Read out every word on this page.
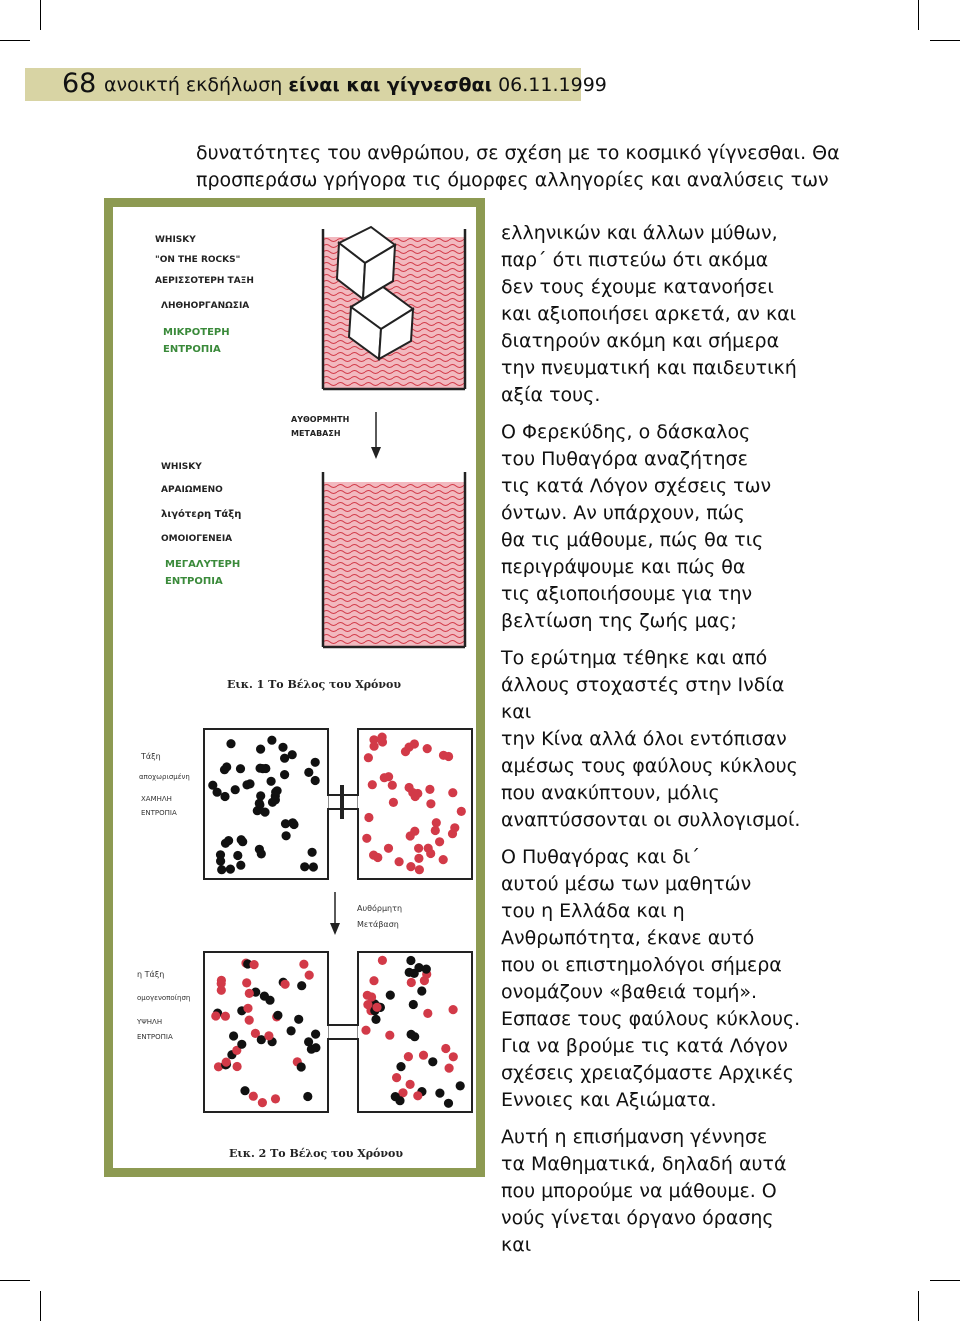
68 ανοικτή εκδήλωση είναι και γίγνεσθαι 06.11.1999
δυνατότητες του ανθρώπου, σε σχέση με το κοσμικό γίγνεσθαι. Θα
προσπεράσω γρήγορα τις όμορφες αλληγορίες και αναλύσεις των
WHISKY
"ON THE ROCKS"
ΑΕΡΙΣΣΟΤΕΡΗ ΤΑΞΗ
ΛΗΘΗΟΡΓΑΝΩΣΙΑ
ΜΙΚΡΟΤΕΡΗ
ΕΝΤΡΟΠΙΑ
ΑΥΘΟΡΜΗΤΗ
ΜΕΤΑΒΑΣΗ
WHISKY
ΑΡΑΙΩΜΕΝΟ
λιγότερη Τάξη
ΟΜΟΙΟΓΕΝΕΙΑ
ΜΕΓΑΛΥΤΕΡΗ
ΕΝΤΡΟΠΙΑ
Εικ. 1 Το Βέλος του Χρόνου
Τάξη
αποχωρισμένη
ΧΑΜΗΛΗ
ΕΝΤΡΟΠΙΑ
Αυθόρμητη
Μετάβαση
η Τάξη
ομογενοποίηση
ΥΨΗΛΗ
ΕΝΤΡΟΠΙΑ
Εικ. 2 Το Βέλος του Χρόνου

ελληνικών και άλλων μύθων,
παρ΄ ότι πιστεύω ότι ακόμα
δεν τους έχουμε κατανοήσει
και αξιοποιήσει αρκετά, αν και
διατηρούν ακόμη και σήμερα
την πνευματική και παιδευτική
αξία τους.

Ο Φερεκύδης, ο δάσκαλος
του Πυθαγόρα αναζήτησε
τις κατά Λόγον σχέσεις των
όντων. Αν υπάρχουν, πώς
θα τις μάθουμε, πώς θα τις
περιγράψουμε και πώς θα
τις αξιοποιήσουμε για την
βελτίωση της ζωής μας;

Το ερώτημα τέθηκε και από
άλλους στοχαστές στην Ινδία και
την Κίνα αλλά όλοι εντόπισαν
αμέσως τους φαύλους κύκλους
που ανακύπτουν, μόλις
αναπτύσσονται οι συλλογισμοί.

Ο Πυθαγόρας και δι΄
αυτού μέσω των μαθητών
του η Ελλάδα και η
Ανθρωπότητα, έκανε αυτό
που οι επιστημολόγοι σήμερα
ονομάζουν «βαθειά τομή».
Εσπασε τους φαύλους κύκλους.
Για να βρούμε τις κατά Λόγον
σχέσεις χρειαζόμαστε Αρχικές
Εννοιες και Αξιώματα.

Αυτή η επισήμανση γέννησε
τα Μαθηματικά, δηλαδή αυτά
που μπορούμε να μάθουμε. Ο
νούς γίνεται όργανο όρασης και
